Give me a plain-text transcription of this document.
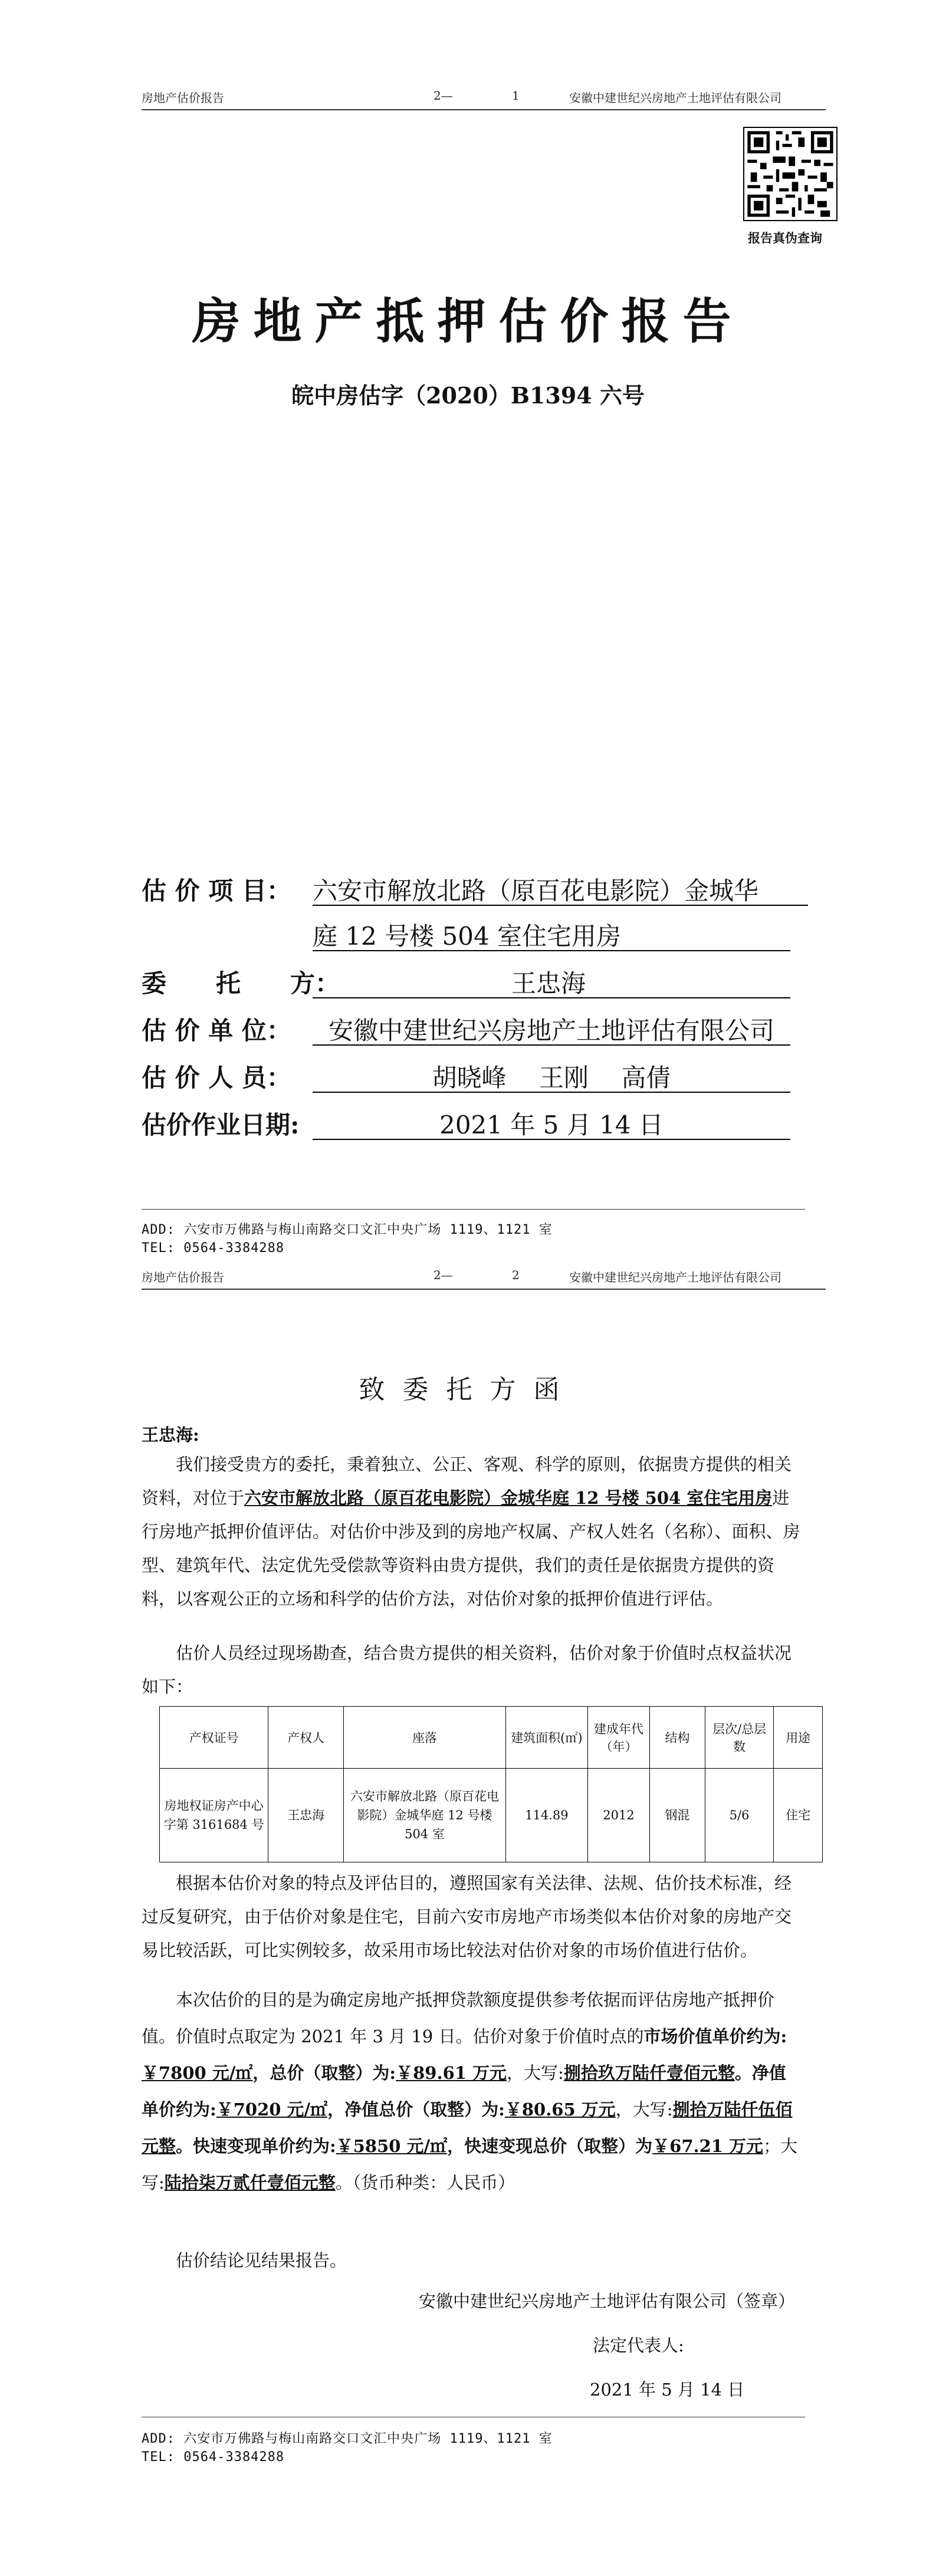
房地产估价报告	2—	1	安徽中建世纪兴房地产土地评估有限公司
报告真伪查询
房地产抵押估价报告
皖中房估字（2020）B1394 六号
估 价 项 目： 六安市解放北路（原百花电影院）金城华
庭 12 号楼 504 室住宅用房
委　　托　　方：	王忠海
估 价 单 位：	安徽中建世纪兴房地产土地评估有限公司
估 价 人 员：	胡晓峰　 王刚　 高倩
估价作业日期:	2021 年 5 月 14 日
ADD: 六安市万佛路与梅山南路交口文汇中央广场 1119、1121 室
TEL: 0564-3384288
房地产估价报告	2—	2	安徽中建世纪兴房地产土地评估有限公司
致委托方函
王忠海:
我们接受贵方的委托，秉着独立、公正、客观、科学的原则，依据贵方提供的相关资料，对位于六安市解放北路（原百花电影院）金城华庭 12 号楼 504 室住宅用房进行房地产抵押价值评估。对估价中涉及到的房地产权属、产权人姓名（名称）、面积、房型、建筑年代、法定优先受偿款等资料由贵方提供，我们的责任是依据贵方提供的资料，以客观公正的立场和科学的估价方法，对估价对象的抵押价值进行评估。
估价人员经过现场勘查，结合贵方提供的相关资料，估价对象于价值时点权益状况如下：
产权证号	产权人	座落	建筑面积(㎡)	建成年代（年）	结构	层次/总层数	用途
房地权证房产中心字第 3161684 号	王忠海	六安市解放北路（原百花电影院）金城华庭 12 号楼 504 室	114.89	2012	钢混	5/6	住宅
根据本估价对象的特点及评估目的，遵照国家有关法律、法规、估价技术标准，经过反复研究，由于估价对象是住宅，目前六安市房地产市场类似本估价对象的房地产交易比较活跃，可比实例较多，故采用市场比较法对估价对象的市场价值进行估价。
本次估价的目的是为确定房地产抵押贷款额度提供参考依据而评估房地产抵押价值。价值时点取定为 2021 年 3 月 19 日。估价对象于价值时点的市场价值单价约为:￥7800 元/㎡，总价（取整）为:￥89.61 万元，大写:捌拾玖万陆仟壹佰元整。净值单价约为:￥7020 元/㎡，净值总价（取整）为:￥80.65 万元，大写:捌拾万陆仟伍佰元整。快速变现单价约为:￥5850 元/㎡，快速变现总价（取整）为￥67.21 万元；大写:陆拾柒万贰仟壹佰元整。（货币种类：人民币）
估价结论见结果报告。
安徽中建世纪兴房地产土地评估有限公司（签章）
法定代表人:
2021 年 5 月 14 日
ADD: 六安市万佛路与梅山南路交口文汇中央广场 1119、1121 室
TEL: 0564-3384288
